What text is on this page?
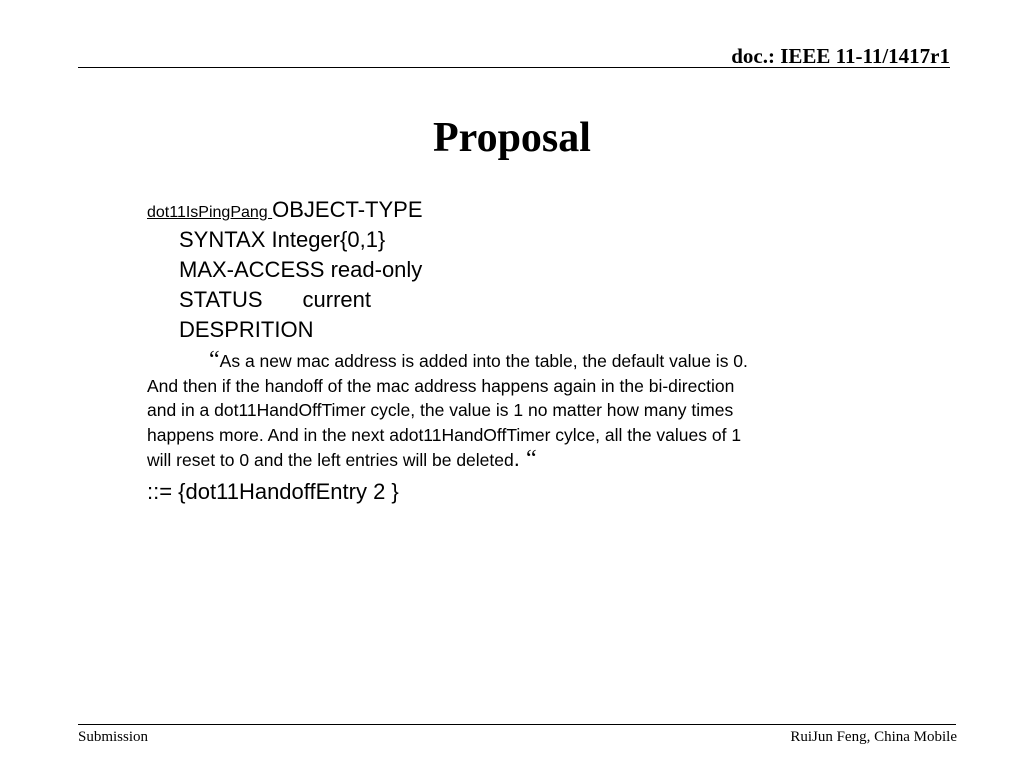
doc.: IEEE 11-11/1417r1
Proposal
dot11IsPingPang OBJECT-TYPE
SYNTAX Integer{0,1}
MAX-ACCESS read-only
STATUS current
DESPRITION
“As a new mac address is added into the table, the default value is 0.
And then if the handoff of the mac address happens again in the bi-direction
and in a dot11HandOffTimer cycle, the value is 1 no matter how many times
happens more. And in the next adot11HandOffTimer cylce, all the values of 1
will reset to 0 and the left entries will be deleted. “
::= {dot11HandoffEntry 2 }
Submission	RuiJun Feng, China Mobile
